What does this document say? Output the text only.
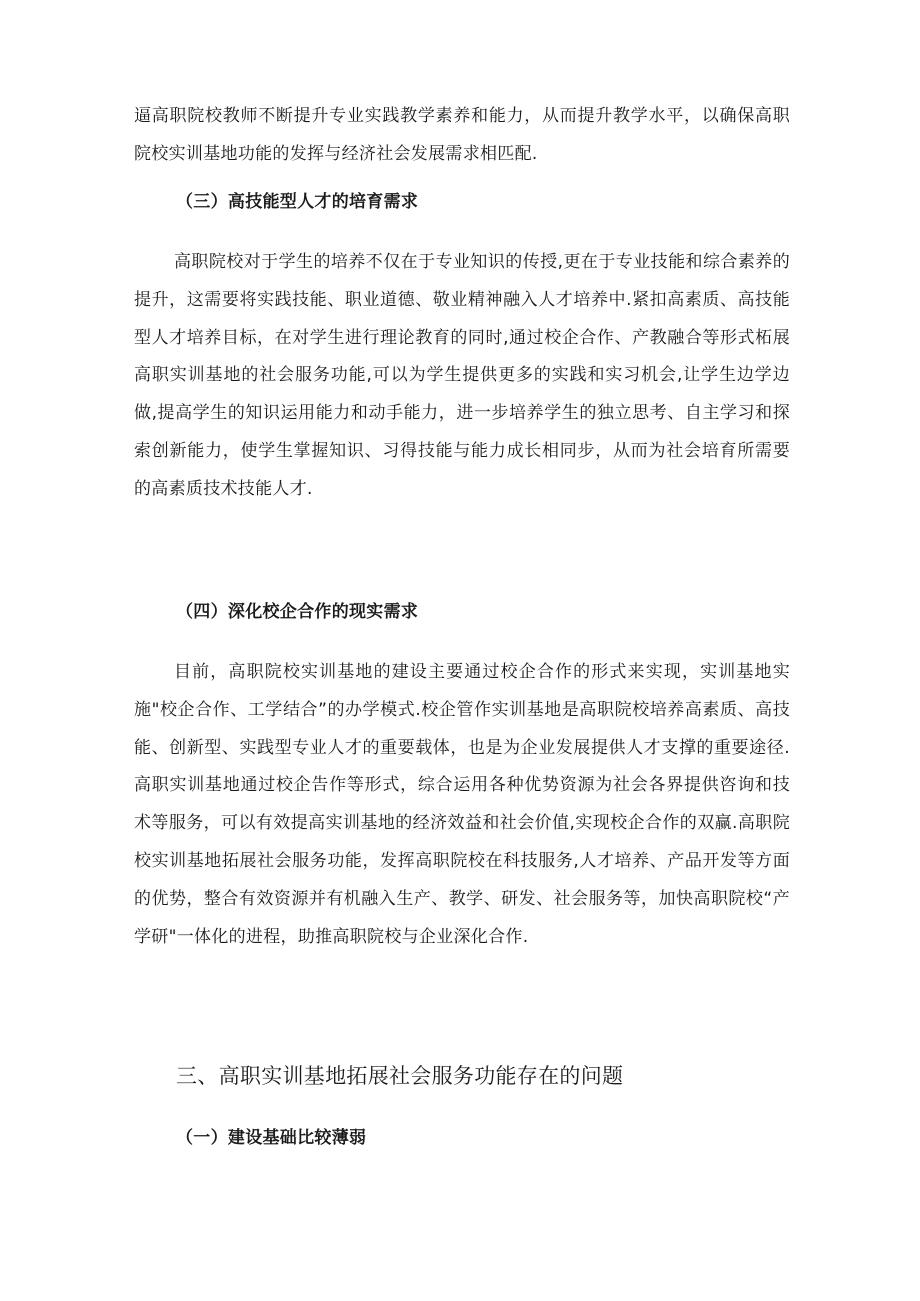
逼高职院校教师不断提升专业实践教学素养和能力，从而提升教学水平，以确保高职院校实训基地功能的发挥与经济社会发展需求相匹配.

（三）高技能型人才的培育需求

高职院校对于学生的培养不仅在于专业知识的传授,更在于专业技能和综合素养的提升，这需要将实践技能、职业道德、敬业精神融入人才培养中.紧扣高素质、高技能型人才培养目标，在对学生进行理论教育的同时,通过校企合作、产教融合等形式柘展高职实训基地的社会服务功能,可以为学生提供更多的实践和实习机会,让学生边学边做,提高学生的知识运用能力和动手能力，进一步培养学生的独立思考、自主学习和探索创新能力，使学生掌握知识、习得技能与能力成长相同步，从而为社会培育所需要的高素质技术技能人才.

（四）深化校企合作的现实需求

目前，高职院校实训基地的建设主要通过校企合作的形式来实现，实训基地实施"校企合作、工学结合”的办学模式.校企管作实训基地是高职院校培养高素质、高技能、创新型、实践型专业人才的重要载体，也是为企业发展提供人才支撑的重要途径.高职实训基地通过校企告作等形式，综合运用各种优势资源为社会各界提供咨询和技术等服务，可以有效提高实训基地的经济效益和社会价值,实现校企合作的双赢.高职院校实训基地拓展社会服务功能，发挥高职院校在科技服务,人才培养、产品开发等方面的优势，整合有效资源并有机融入生产、教学、研发、社会服务等，加快高职院校“产学研"一体化的进程，助推高职院校与企业深化合作.

三、高职实训基地拓展社会服务功能存在的问题
（一）建设基础比较薄弱
